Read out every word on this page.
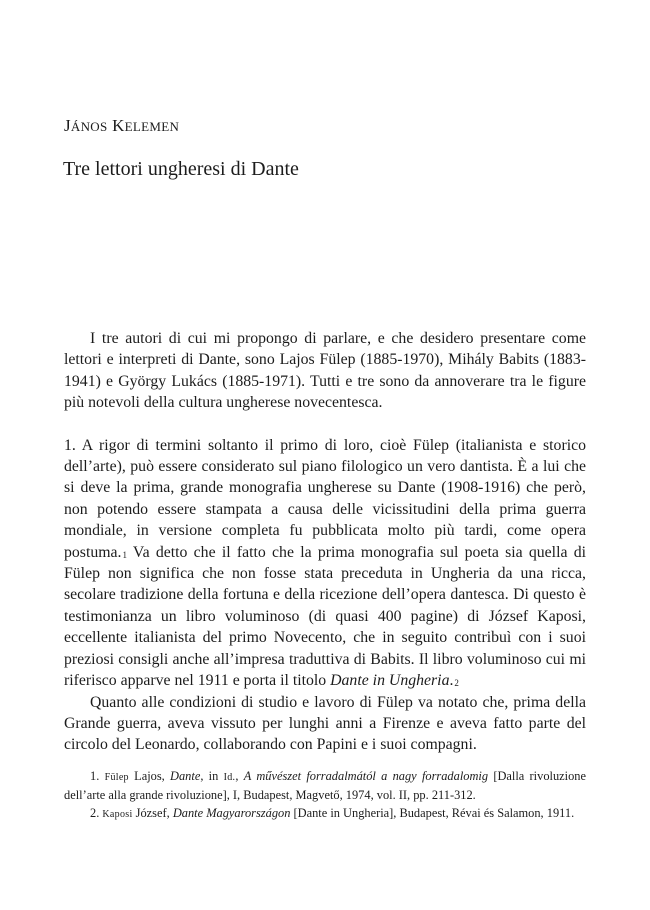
JÁNOS KELEMEN
Tre lettori ungheresi di Dante

I tre autori di cui mi propongo di parlare, e che desidero presentare come lettori e interpreti di Dante, sono Lajos Fülep (1885-1970), Mihály Babits (1883-1941) e György Lukács (1885-1971). Tutti e tre sono da annoverare tra le figure più notevoli della cultura ungherese novecentesca.

1. A rigor di termini soltanto il primo di loro, cioè Fülep (italianista e storico dell’arte), può essere considerato sul piano filologico un vero dantista. È a lui che si deve la prima, grande monografia ungherese su Dante (1908-1916) che però, non potendo essere stampata a causa delle vicissitudini della prima guerra mondiale, in versione completa fu pubblicata molto più tardi, come opera postuma.$^1$ Va detto che il fatto che la prima monografia sul poeta sia quella di Fülep non significa che non fosse stata preceduta in Ungheria da una ricca, secolare tradizione della fortuna e della ricezione dell’opera dantesca. Di questo è testimonianza un libro voluminoso (di quasi 400 pagine) di József Kaposi, eccellente italianista del primo Novecento, che in seguito contribuì con i suoi preziosi consigli anche all’impresa traduttiva di Babits. Il libro voluminoso cui mi riferisco apparve nel 1911 e porta il titolo Dante in Ungheria.$^2$

Quanto alle condizioni di studio e lavoro di Fülep va notato che, prima della Grande guerra, aveva vissuto per lunghi anni a Firenze e aveva fatto parte del circolo del Leonardo, collaborando con Papini e i suoi compagni.

1. Fülep Lajos, Dante, in Id., A művészet forradalmától a nagy forradalomig [Dalla rivoluzione dell’arte alla grande rivoluzione], I, Budapest, Magvető, 1974, vol. II, pp. 211-312.

2. Kaposi József, Dante Magyarországon [Dante in Ungheria], Budapest, Révai és Salamon, 1911.
